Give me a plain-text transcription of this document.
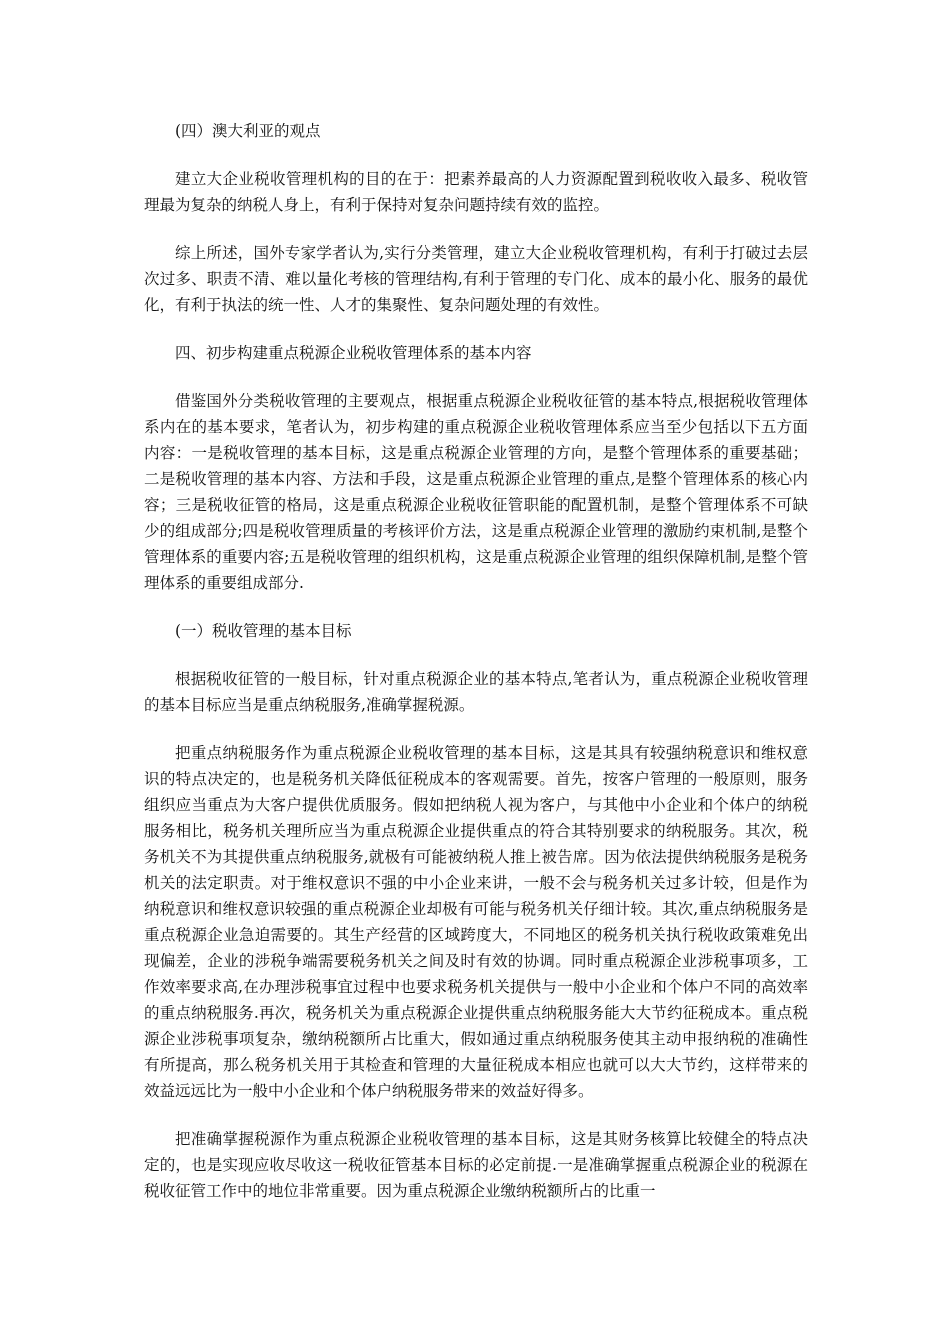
(四）澳大利亚的观点

建立大企业税收管理机构的目的在于：把素养最高的人力资源配置到税收收入最多、税收管理最为复杂的纳税人身上，有利于保持对复杂问题持续有效的监控。

综上所述，国外专家学者认为,实行分类管理，建立大企业税收管理机构，有利于打破过去层次过多、职责不清、难以量化考核的管理结构,有利于管理的专门化、成本的最小化、服务的最优化，有利于执法的统一性、人才的集聚性、复杂问题处理的有效性。

四、初步构建重点税源企业税收管理体系的基本内容

借鉴国外分类税收管理的主要观点，根据重点税源企业税收征管的基本特点,根据税收管理体系内在的基本要求，笔者认为，初步构建的重点税源企业税收管理体系应当至少包括以下五方面内容：一是税收管理的基本目标，这是重点税源企业管理的方向，是整个管理体系的重要基础；二是税收管理的基本内容、方法和手段，这是重点税源企业管理的重点,是整个管理体系的核心内容；三是税收征管的格局，这是重点税源企业税收征管职能的配置机制，是整个管理体系不可缺少的组成部分;四是税收管理质量的考核评价方法，这是重点税源企业管理的激励约束机制,是整个管理体系的重要内容;五是税收管理的组织机构，这是重点税源企业管理的组织保障机制,是整个管理体系的重要组成部分.

(一）税收管理的基本目标

根据税收征管的一般目标，针对重点税源企业的基本特点,笔者认为，重点税源企业税收管理的基本目标应当是重点纳税服务,准确掌握税源。

把重点纳税服务作为重点税源企业税收管理的基本目标，这是其具有较强纳税意识和维权意识的特点决定的，也是税务机关降低征税成本的客观需要。首先，按客户管理的一般原则，服务组织应当重点为大客户提供优质服务。假如把纳税人视为客户，与其他中小企业和个体户的纳税服务相比，税务机关理所应当为重点税源企业提供重点的符合其特别要求的纳税服务。其次，税务机关不为其提供重点纳税服务,就极有可能被纳税人推上被告席。因为依法提供纳税服务是税务机关的法定职责。对于维权意识不强的中小企业来讲，一般不会与税务机关过多计较，但是作为纳税意识和维权意识较强的重点税源企业却极有可能与税务机关仔细计较。其次,重点纳税服务是重点税源企业急迫需要的。其生产经营的区域跨度大，不同地区的税务机关执行税收政策难免出现偏差，企业的涉税争端需要税务机关之间及时有效的协调。同时重点税源企业涉税事项多，工作效率要求高,在办理涉税事宜过程中也要求税务机关提供与一般中小企业和个体户不同的高效率的重点纳税服务.再次，税务机关为重点税源企业提供重点纳税服务能大大节约征税成本。重点税源企业涉税事项复杂，缴纳税额所占比重大，假如通过重点纳税服务使其主动申报纳税的准确性有所提高，那么税务机关用于其检查和管理的大量征税成本相应也就可以大大节约，这样带来的效益远远比为一般中小企业和个体户纳税服务带来的效益好得多。

把准确掌握税源作为重点税源企业税收管理的基本目标，这是其财务核算比较健全的特点决定的，也是实现应收尽收这一税收征管基本目标的必定前提.一是准确掌握重点税源企业的税源在税收征管工作中的地位非常重要。因为重点税源企业缴纳税额所占的比重一
